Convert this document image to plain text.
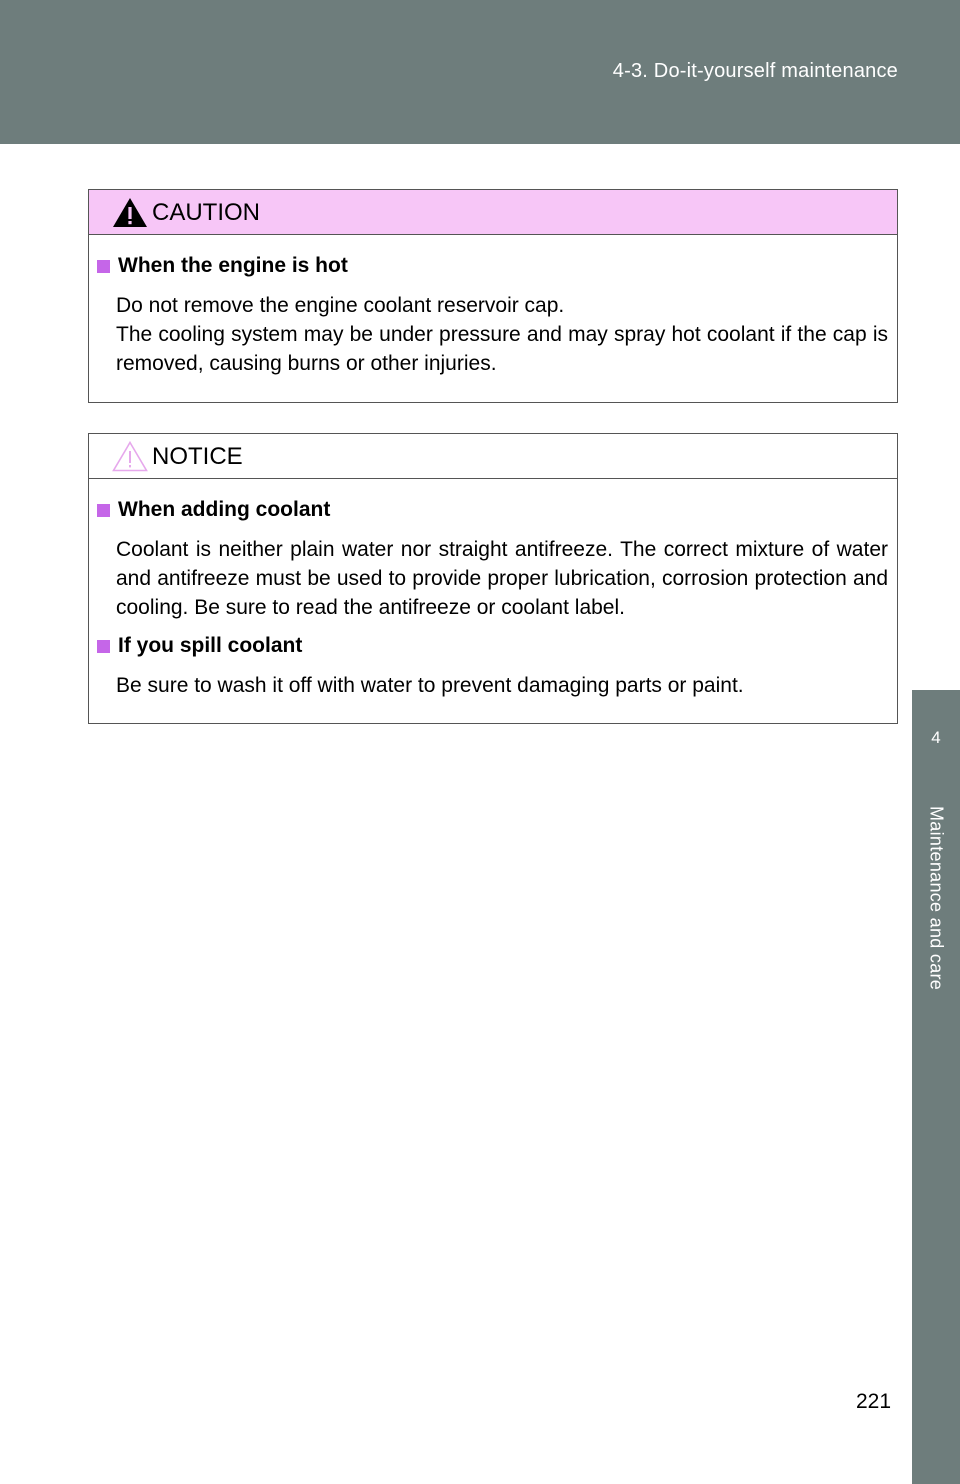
4-3. Do-it-yourself maintenance
4
Maintenance and care
CAUTION
When the engine is hot
Do not remove the engine coolant reservoir cap.
The cooling system may be under pressure and may spray hot coolant if the cap is removed, causing burns or other injuries.
NOTICE
When adding coolant
Coolant is neither plain water nor straight antifreeze. The correct mixture of water and antifreeze must be used to provide proper lubrication, corrosion protection and cooling. Be sure to read the antifreeze or coolant label.
If you spill coolant
Be sure to wash it off with water to prevent damaging parts or paint.
221
